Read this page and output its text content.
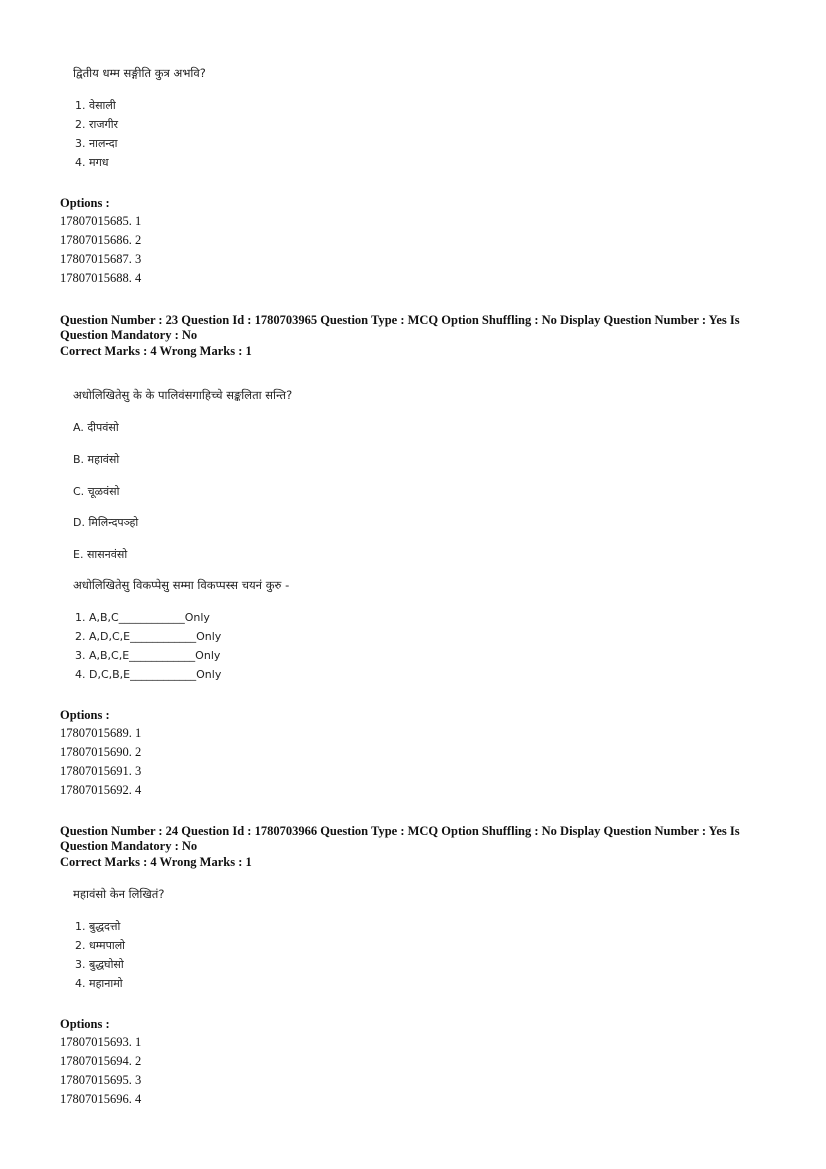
द्वितीय धम्म सङ्गीति कुत्र अभवि?
1. वेसाली
2. राजगीर
3. नालन्दा
4. मगध
Options :
17807015685. 1
17807015686. 2
17807015687. 3
17807015688. 4
Question Number : 23 Question Id : 1780703965 Question Type : MCQ Option Shuffling : No Display Question Number : Yes Is
Question Mandatory : No
Correct Marks : 4 Wrong Marks : 1
अधोलिखितेसु के के पालिवंसगाहिच्चे सङ्कलिता सन्ति?
A. दीपवंसो
B. महावंसो
C. चूळवंसो
D. मिलिन्दपञ्हो
E. सासनवंसो
अधोलिखितेसु विकप्पेसु सम्मा विकप्पस्स चयनं कुरु -
1. A,B,C____________Only
2. A,D,C,E____________Only
3. A,B,C,E____________Only
4. D,C,B,E____________Only
Options :
17807015689. 1
17807015690. 2
17807015691. 3
17807015692. 4
Question Number : 24 Question Id : 1780703966 Question Type : MCQ Option Shuffling : No Display Question Number : Yes Is
Question Mandatory : No
Correct Marks : 4 Wrong Marks : 1
महावंसो केन लिखितं?
1. बुद्धदत्तो
2. धम्मपालो
3. बुद्धघोसो
4. महानामो
Options :
17807015693. 1
17807015694. 2
17807015695. 3
17807015696. 4
